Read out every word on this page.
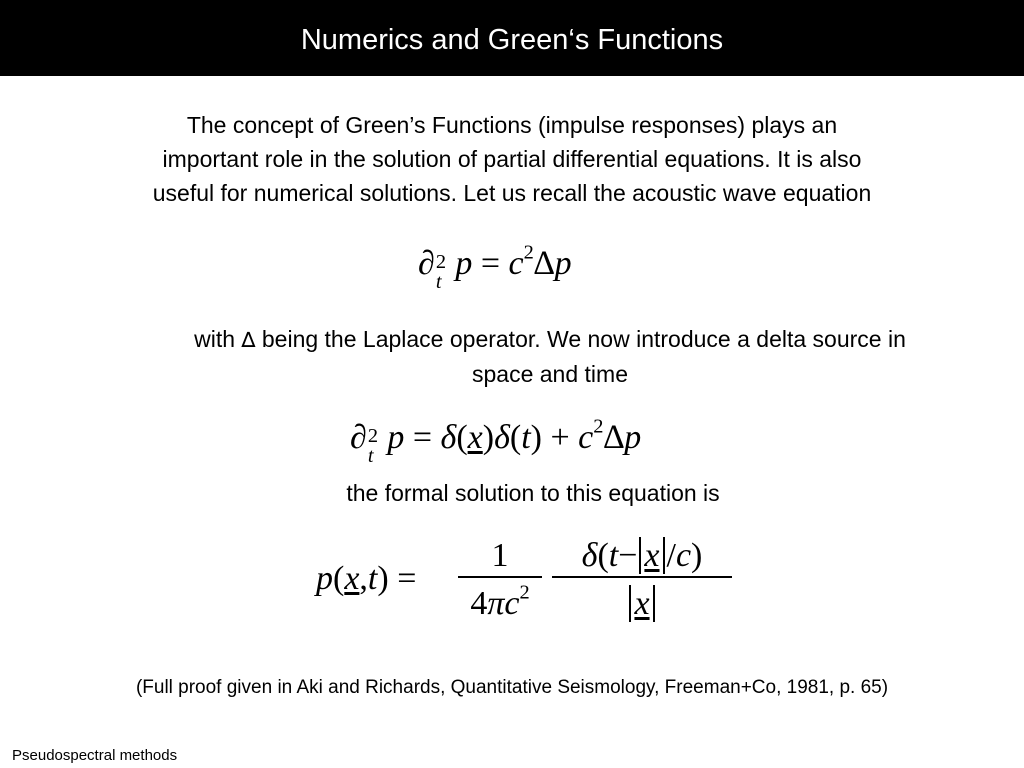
Numerics and Green‘s Functions
The concept of Green’s Functions (impulse responses) plays an
important role in the solution of partial differential equations. It is also
useful for numerical solutions. Let us recall the acoustic wave equation
∂ 2
t $p = c^2\Delta p$
with ∆ being the Laplace operator. We now introduce a delta source in
space and time
∂ 2
t $p = \delta(x)\delta(t) + c^2\Delta p$
the formal solution to this equation is
p(x,t) =
1
$4\pi c^2$
δ(t− x /c)
x
(Full proof given in Aki and Richards, Quantitative Seismology, Freeman+Co, 1981, p. 65)
Pseudospectral methods
